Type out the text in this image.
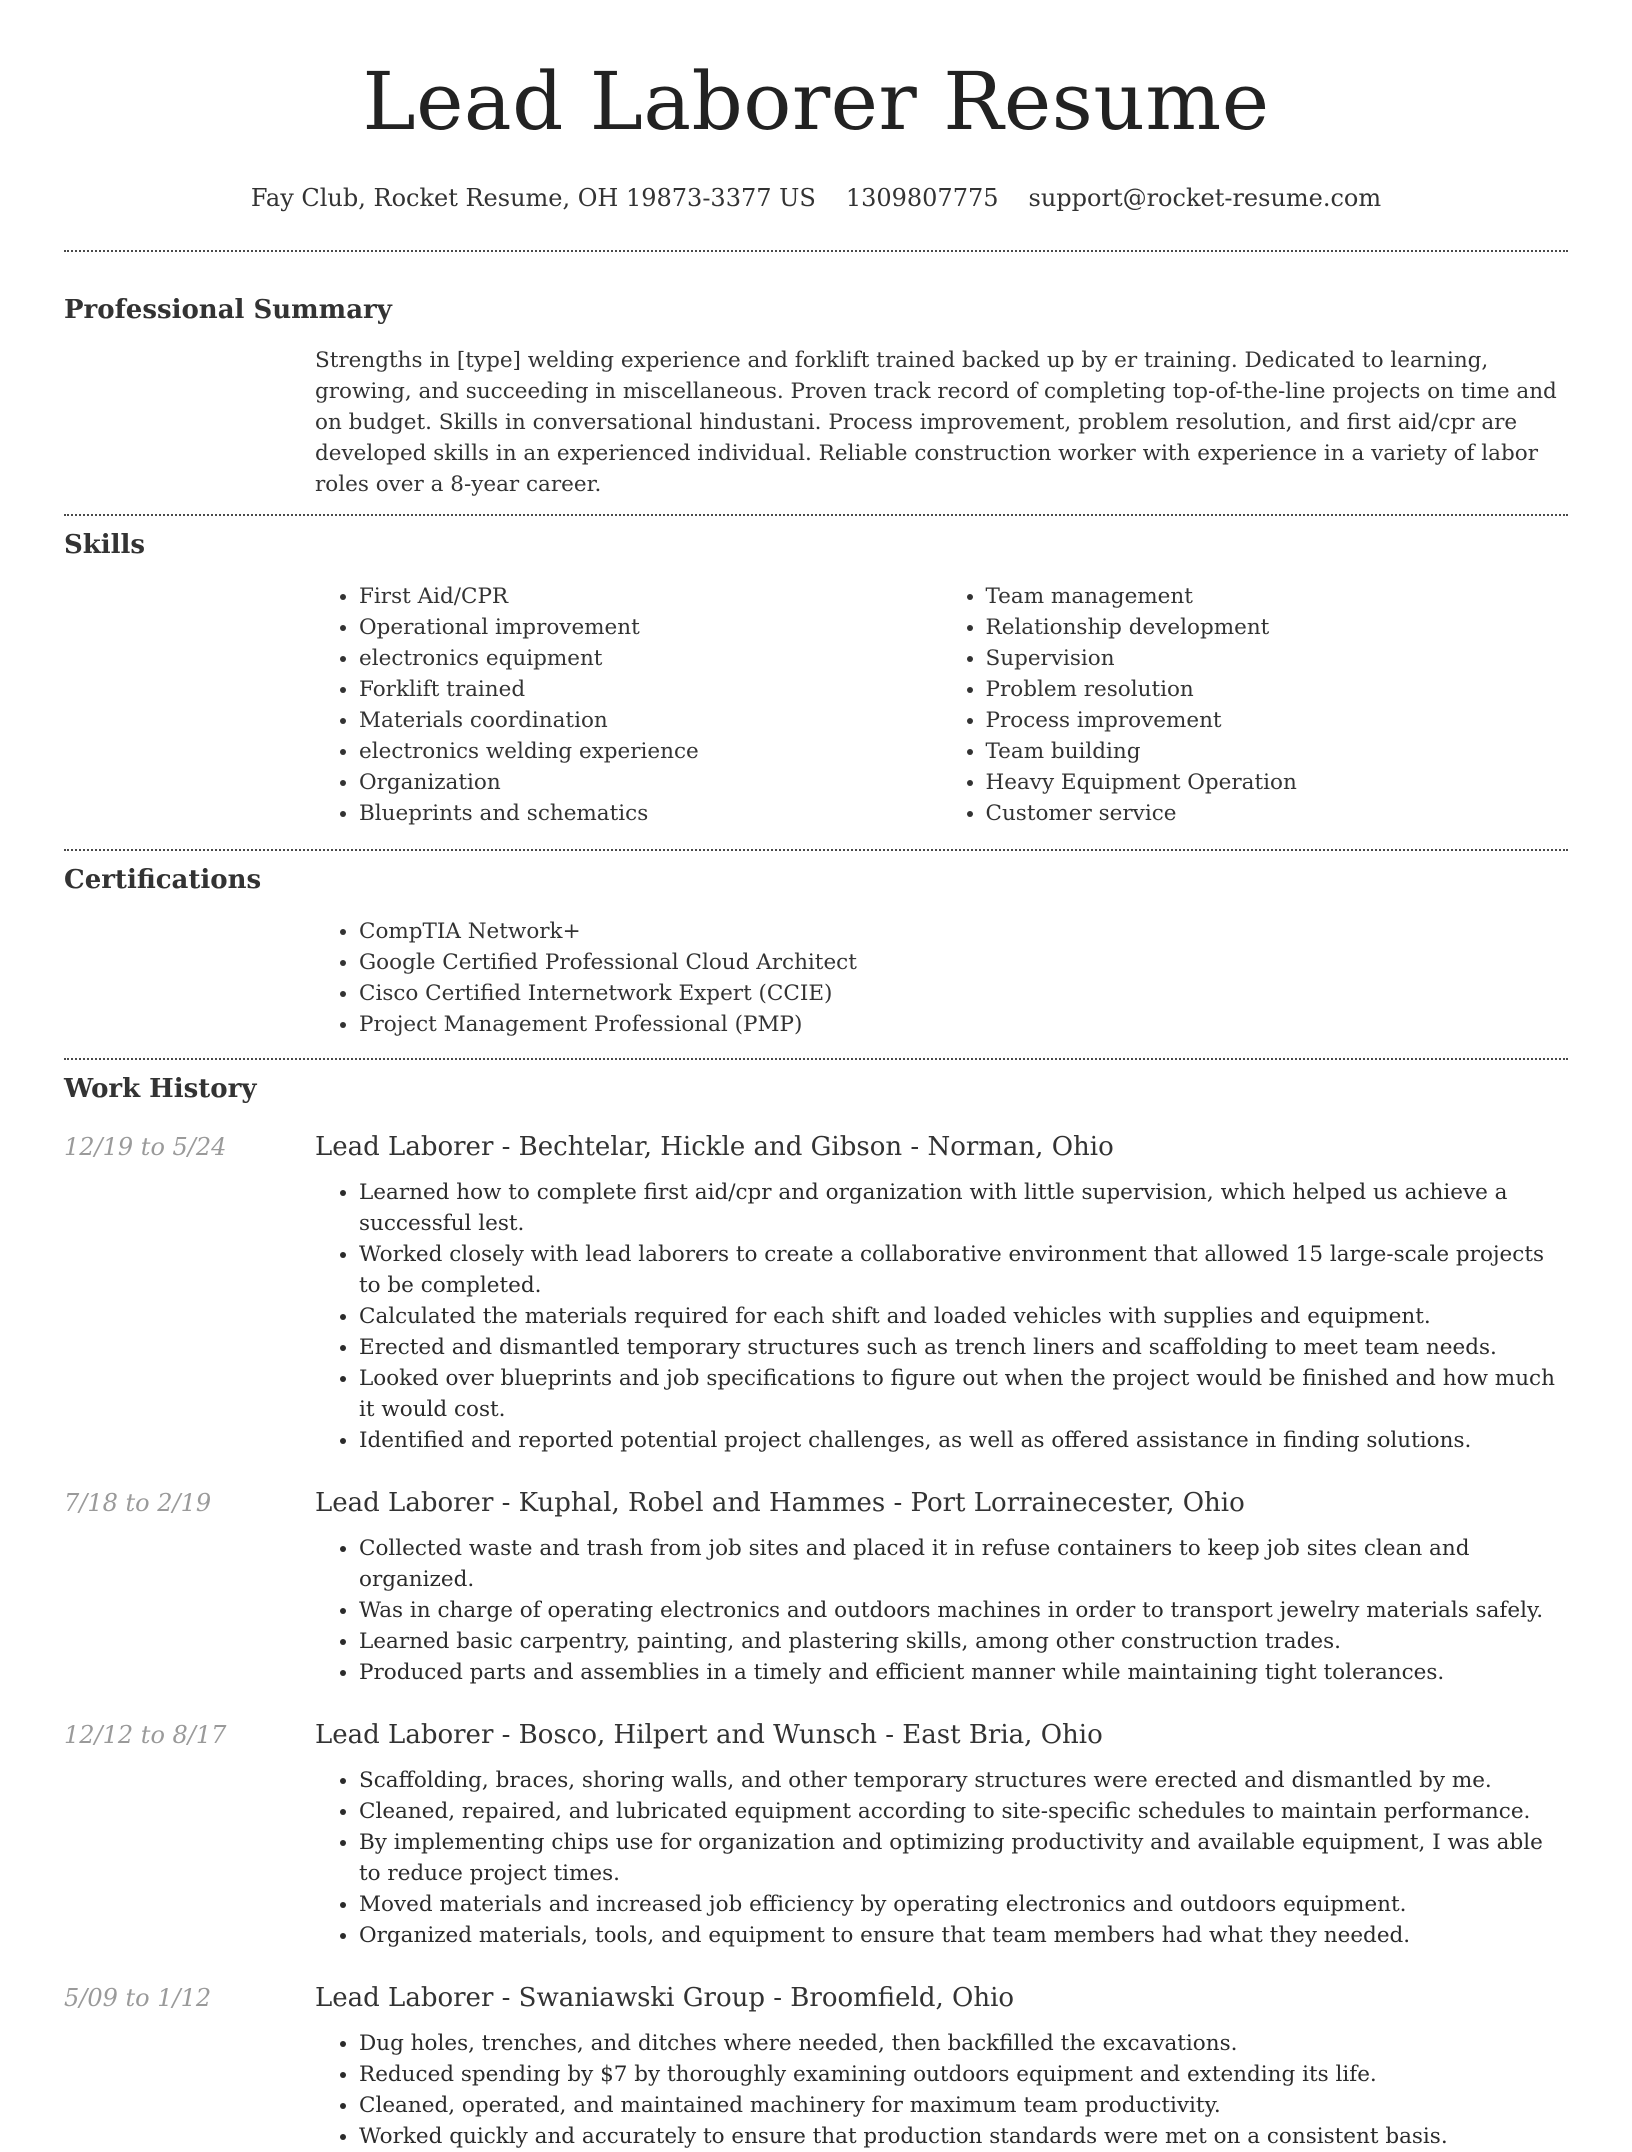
Lead Laborer Resume
Fay Club, Rocket Resume, OH 19873-3377 US 1309807775 support@rocket-resume.com
Professional Summary
Strengths in [type] welding experience and forklift trained backed up by er training. Dedicated to learning, growing, and succeeding in miscellaneous. Proven track record of completing top-of-the-line projects on time and on budget. Skills in conversational hindustani. Process improvement, problem resolution, and first aid/cpr are developed skills in an experienced individual. Reliable construction worker with experience in a variety of labor roles over a 8-year career.
Skills
• First Aid/CPR
• Operational improvement
• electronics equipment
• Forklift trained
• Materials coordination
• electronics welding experience
• Organization
• Blueprints and schematics
• Team management
• Relationship development
• Supervision
• Problem resolution
• Process improvement
• Team building
• Heavy Equipment Operation
• Customer service
Certifications
• CompTIA Network+
• Google Certified Professional Cloud Architect
• Cisco Certified Internetwork Expert (CCIE)
• Project Management Professional (PMP)
Work History
12/19 to 5/24	Lead Laborer - Bechtelar, Hickle and Gibson - Norman, Ohio
• Learned how to complete first aid/cpr and organization with little supervision, which helped us achieve a successful lest.
• Worked closely with lead laborers to create a collaborative environment that allowed 15 large-scale projects to be completed.
• Calculated the materials required for each shift and loaded vehicles with supplies and equipment.
• Erected and dismantled temporary structures such as trench liners and scaffolding to meet team needs.
• Looked over blueprints and job specifications to figure out when the project would be finished and how much it would cost.
• Identified and reported potential project challenges, as well as offered assistance in finding solutions.
7/18 to 2/19	Lead Laborer - Kuphal, Robel and Hammes - Port Lorrainecester, Ohio
• Collected waste and trash from job sites and placed it in refuse containers to keep job sites clean and organized.
• Was in charge of operating electronics and outdoors machines in order to transport jewelry materials safely.
• Learned basic carpentry, painting, and plastering skills, among other construction trades.
• Produced parts and assemblies in a timely and efficient manner while maintaining tight tolerances.
12/12 to 8/17	Lead Laborer - Bosco, Hilpert and Wunsch - East Bria, Ohio
• Scaffolding, braces, shoring walls, and other temporary structures were erected and dismantled by me.
• Cleaned, repaired, and lubricated equipment according to site-specific schedules to maintain performance.
• By implementing chips use for organization and optimizing productivity and available equipment, I was able to reduce project times.
• Moved materials and increased job efficiency by operating electronics and outdoors equipment.
• Organized materials, tools, and equipment to ensure that team members had what they needed.
5/09 to 1/12	Lead Laborer - Swaniawski Group - Broomfield, Ohio
• Dug holes, trenches, and ditches where needed, then backfilled the excavations.
• Reduced spending by $7 by thoroughly examining outdoors equipment and extending its life.
• Cleaned, operated, and maintained machinery for maximum team productivity.
• Worked quickly and accurately to ensure that production standards were met on a consistent basis.
